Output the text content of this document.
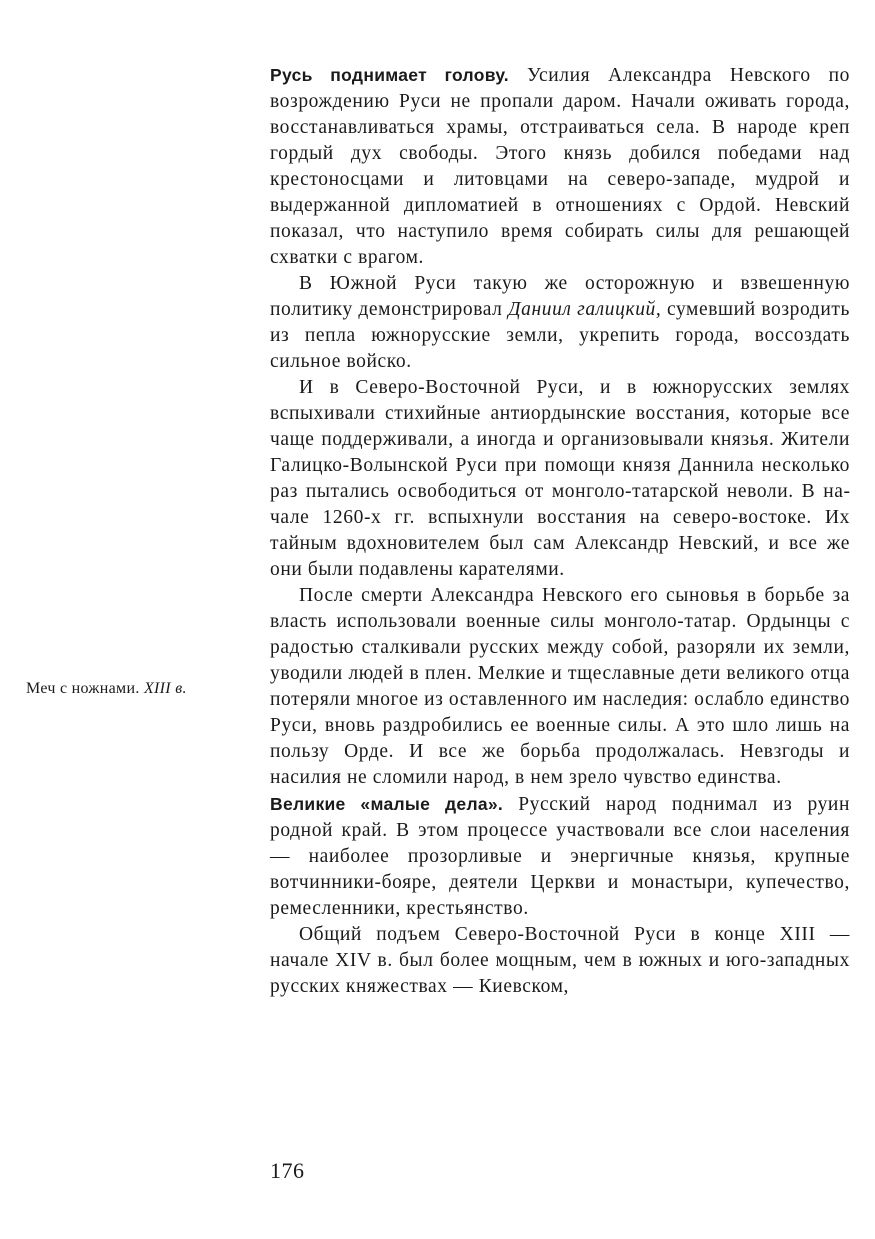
Меч с ножнами. XIII в.

Русь поднимает голову. Усилия Александра Невского по возрождению Руси не пропали даром. Начали оживать города, восстанавливаться храмы, отстраиваться села. В народе креп гордый дух свободы. Этого князь добился победами над крестоносцами и литовцами на северо-западе, мудрой и выдержанной дипломатией в отношениях с Ордой. Невский показал, что наступило время собирать силы для решающей схватки с врагом.

В Южной Руси такую же осторожную и взвешенную политику демонстрировал Даниил галицкий, сумевший возродить из пепла южнорусские земли, укрепить города, воссоздать сильное войско.

И в Северо-Восточной Руси, и в южнорусских землях вспыхивали стихийные антиордынские восстания, которые все чаще поддерживали, а иногда и организовывали князья. Жители Галицко-Волынской Руси при помощи князя Даннила несколько раз пытались освободиться от монголо-татарской неволи. В начале 1260-х гг. вспыхнули восстания на северо-востоке. Их тайным вдохновителем был сам Александр Невский, и все же они были подавлены карателями.

После смерти Александра Невского его сыновья в борьбе за власть использовали военные силы монголо-татар. Ордынцы с радостью сталкивали русских между собой, разоряли их земли, уводили людей в плен. Мелкие и тщеславные дети великого отца потеряли многое из оставленного им наследия: ослабло единство Руси, вновь раздробились ее военные силы. А это шло лишь на пользу Орде. И все же борьба продолжалась. Невзгоды и насилия не сломили народ, в нем зрело чувство единства.

Великие «малые дела». Русский народ поднимал из руин родной край. В этом процессе участвовали все слои населения — наиболее прозорливые и энергичные князья, крупные вотчинники-бояре, деятели Церкви и монастыри, купечество, ремесленники, крестьянство.

Общий подъем Северо-Восточной Руси в конце XIII — начале XIV в. был более мощным, чем в южных и юго-западных русских княжествах — Киевском,

176
